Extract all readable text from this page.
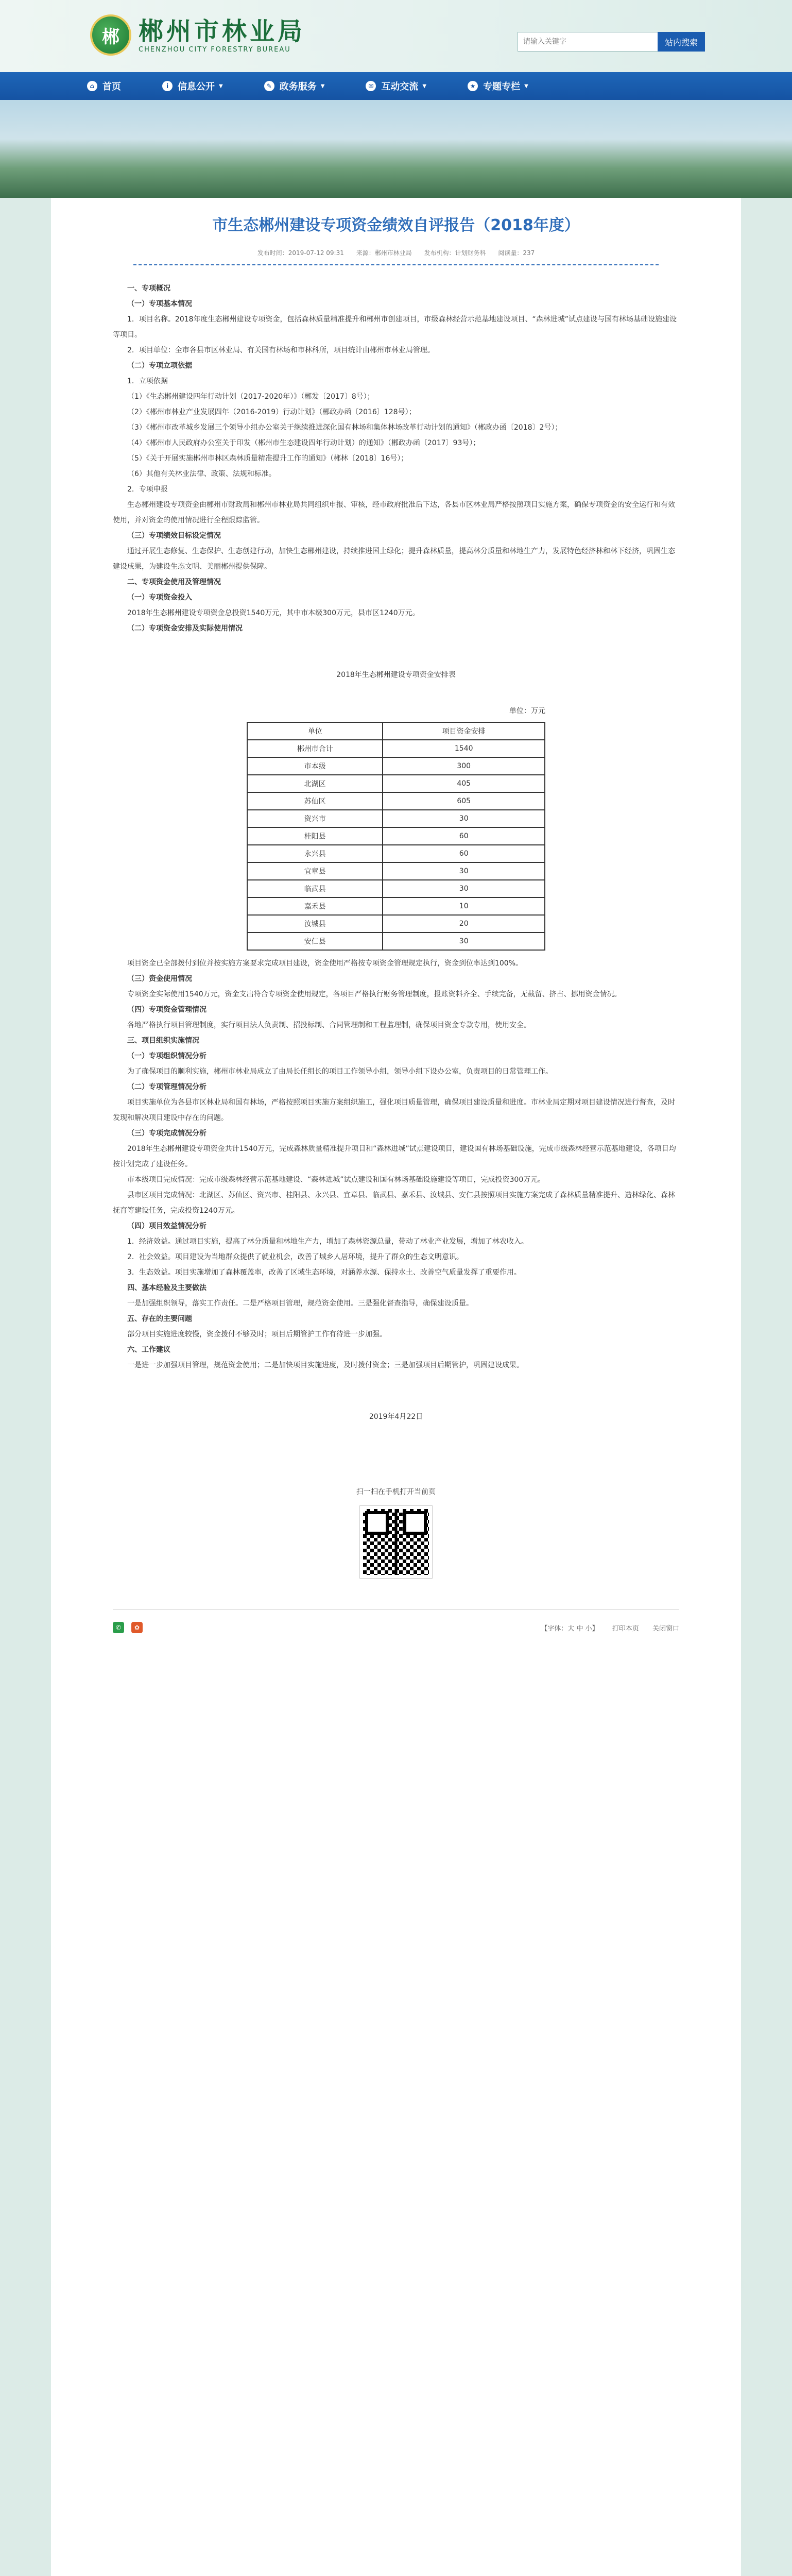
郴 郴州市林业局
CHENZHOU CITY FORESTRY BUREAU
请输入关键字
站内搜索
⌂ 首页	i 信息公开 ▼	✎ 政务服务 ▼	✉ 互动交流 ▼	★ 专题专栏 ▼
市生态郴州建设专项资金绩效自评报告（2018年度）
发布时间：2019-07-12 09:31 来源：郴州市林业局 发布机构：计划财务科 阅读量：237

一、专项概况

（一）专项基本情况

1．项目名称。2018年度生态郴州建设专项资金，包括森林质量精准提升和郴州市创建项目，市级森林经营示范基地建设项目、“森林进城”试点建设与国有林场基础设施建设等项目。

2．项目单位：全市各县市区林业局、有关国有林场和市林科所，项目统计由郴州市林业局管理。

（二）专项立项依据

1．立项依据

（1）《生态郴州建设四年行动计划（2017-2020年）》（郴发〔2017〕8号）；

（2）《郴州市林业产业发展四年（2016-2019）行动计划》（郴政办函〔2016〕128号）；

（3）《郴州市改革城乡发展三个领导小组办公室关于继续推进深化国有林场和集体林场改革行动计划的通知》（郴政办函〔2018〕2号）；

（4）《郴州市人民政府办公室关于印发（郴州市生态建设四年行动计划）的通知》（郴政办函〔2017〕93号）；

（5）《关于开展实施郴州市林区森林质量精准提升工作的通知》（郴林〔2018〕16号）；

（6）其他有关林业法律、政策、法规和标准。

2．专项申报

生态郴州建设专项资金由郴州市财政局和郴州市林业局共同组织申报、审核，经市政府批准后下达，各县市区林业局严格按照项目实施方案，确保专项资金的安全运行和有效使用，并对资金的使用情况进行全程跟踪监管。

（三）专项绩效目标设定情况

通过开展生态修复、生态保护、生态创建行动，加快生态郴州建设，持续推进国土绿化；提升森林质量，提高林分质量和林地生产力，发展特色经济林和林下经济，巩固生态建设成果，为建设生态文明、美丽郴州提供保障。

二、专项资金使用及管理情况

（一）专项资金投入

2018年生态郴州建设专项资金总投资1540万元，其中市本级300万元，县市区1240万元。

（二）专项资金安排及实际使用情况

2018年生态郴州建设专项资金安排表

单位：万元

单位	项目资金安排
郴州市合计	1540
市本级	300
北湖区	405
苏仙区	605
资兴市	30
桂阳县	60
永兴县	60
宜章县	30
临武县	30
嘉禾县	10
汝城县	20
安仁县	30

项目资金已全部拨付到位并按实施方案要求完成项目建设，资金使用严格按专项资金管理规定执行，资金到位率达到100%。

（三）资金使用情况

专项资金实际使用1540万元，资金支出符合专项资金使用规定，各项目严格执行财务管理制度，报账资料齐全、手续完备，无截留、挤占、挪用资金情况。

（四）专项资金管理情况

各地严格执行项目管理制度，实行项目法人负责制、招投标制、合同管理制和工程监理制，确保项目资金专款专用，使用安全。

三、项目组织实施情况

（一）专项组织情况分析

为了确保项目的顺利实施，郴州市林业局成立了由局长任组长的项目工作领导小组，领导小组下设办公室，负责项目的日常管理工作。

（二）专项管理情况分析

项目实施单位为各县市区林业局和国有林场，严格按照项目实施方案组织施工，强化项目质量管理，确保项目建设质量和进度。市林业局定期对项目建设情况进行督查，及时发现和解决项目建设中存在的问题。

（三）专项完成情况分析

2018年生态郴州建设专项资金共计1540万元，完成森林质量精准提升项目和“森林进城”试点建设项目，建设国有林场基础设施，完成市级森林经营示范基地建设，各项目均按计划完成了建设任务。

市本级项目完成情况：完成市级森林经营示范基地建设、“森林进城”试点建设和国有林场基础设施建设等项目，完成投资300万元。

县市区项目完成情况：北湖区、苏仙区、资兴市、桂阳县、永兴县、宜章县、临武县、嘉禾县、汝城县、安仁县按照项目实施方案完成了森林质量精准提升、造林绿化、森林抚育等建设任务，完成投资1240万元。

（四）项目效益情况分析

1．经济效益。通过项目实施，提高了林分质量和林地生产力，增加了森林资源总量，带动了林业产业发展，增加了林农收入。

2．社会效益。项目建设为当地群众提供了就业机会，改善了城乡人居环境，提升了群众的生态文明意识。

3．生态效益。项目实施增加了森林覆盖率，改善了区域生态环境，对涵养水源、保持水土、改善空气质量发挥了重要作用。

四、基本经验及主要做法

一是加强组织领导，落实工作责任。二是严格项目管理，规范资金使用。三是强化督查指导，确保建设质量。

五、存在的主要问题

部分项目实施进度较慢，资金拨付不够及时；项目后期管护工作有待进一步加强。

六、工作建议

一是进一步加强项目管理，规范资金使用；二是加快项目实施进度，及时拨付资金；三是加强项目后期管护，巩固建设成果。

2019年4月22日

扫一扫在手机打开当前页
✆	✿	【字体：大 中 小】 打印本页 关闭窗口
